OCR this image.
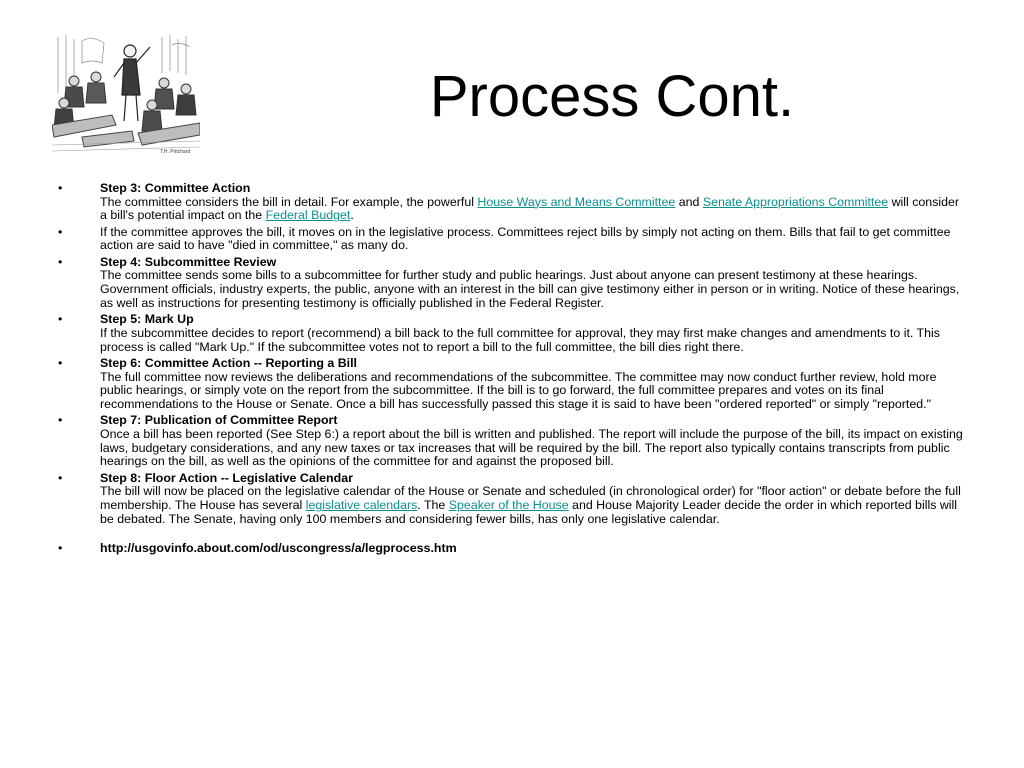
T.H. Pritchard
Process Cont.
•	Step 3: Committee Action
The committee considers the bill in detail. For example, the powerful House Ways and Means Committee and Senate Appropriations Committee will consider a bill's potential impact on the Federal Budget.
•	If the committee approves the bill, it moves on in the legislative process. Committees reject bills by simply not acting on them. Bills that fail to get committee action are said to have "died in committee," as many do.
•	Step 4: Subcommittee Review
The committee sends some bills to a subcommittee for further study and public hearings. Just about anyone can present testimony at these hearings. Government officials, industry experts, the public, anyone with an interest in the bill can give testimony either in person or in writing. Notice of these hearings, as well as instructions for presenting testimony is officially published in the Federal Register.
•	Step 5: Mark Up
If the subcommittee decides to report (recommend) a bill back to the full committee for approval, they may first make changes and amendments to it. This process is called "Mark Up." If the subcommittee votes not to report a bill to the full committee, the bill dies right there.
•	Step 6: Committee Action -- Reporting a Bill
The full committee now reviews the deliberations and recommendations of the subcommittee. The committee may now conduct further review, hold more public hearings, or simply vote on the report from the subcommittee. If the bill is to go forward, the full committee prepares and votes on its final recommendations to the House or Senate. Once a bill has successfully passed this stage it is said to have been "ordered reported" or simply "reported."
•	Step 7: Publication of Committee Report
Once a bill has been reported (See Step 6:) a report about the bill is written and published. The report will include the purpose of the bill, its impact on existing laws, budgetary considerations, and any new taxes or tax increases that will be required by the bill. The report also typically contains transcripts from public hearings on the bill, as well as the opinions of the committee for and against the proposed bill.
•	Step 8: Floor Action -- Legislative Calendar
The bill will now be placed on the legislative calendar of the House or Senate and scheduled (in chronological order) for "floor action" or debate before the full membership. The House has several legislative calendars. The Speaker of the House and House Majority Leader decide the order in which reported bills will be debated. The Senate, having only 100 members and considering fewer bills, has only one legislative calendar.
•	http://usgovinfo.about.com/od/uscongress/a/legprocess.htm
